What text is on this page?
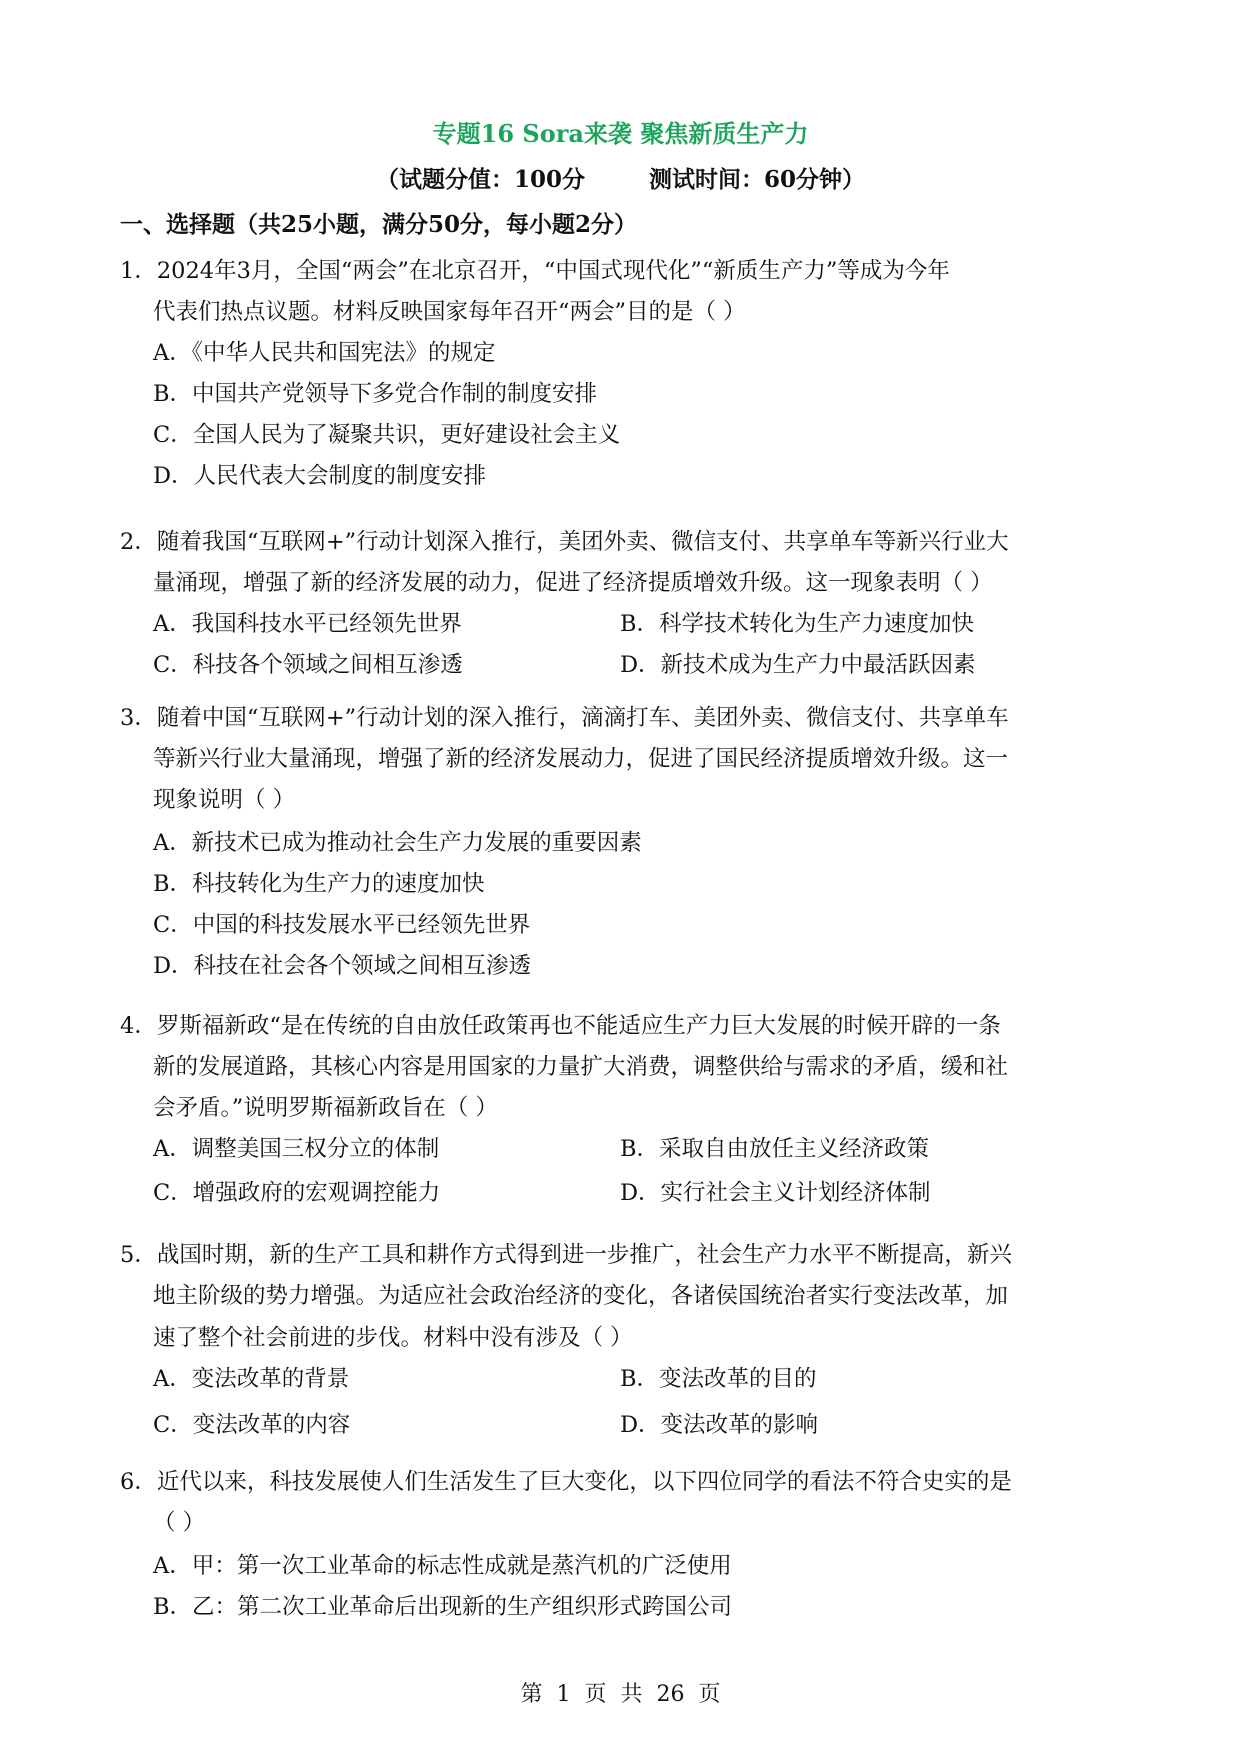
专题16 Sora来袭 聚焦新质生产力
（试题分值：100分        测试时间：60分钟）
一、选择题（共25小题，满分50分，每小题2分）
1．2024年3月，全国“两会”在北京召开，“中国式现代化”“新质生产力”等成为今年
代表们热点议题。材料反映国家每年召开“两会”目的是（ ）
A．《中华人民共和国宪法》的规定
B．中国共产党领导下多党合作制的制度安排
C．全国人民为了凝聚共识，更好建设社会主义
D．人民代表大会制度的制度安排
2．随着我国“互联网+”行动计划深入推行，美团外卖、微信支付、共享单车等新兴行业大
量涌现，增强了新的经济发展的动力，促进了经济提质增效升级。这一现象表明（ ）
A．我国科技水平已经领先世界	B．科学技术转化为生产力速度加快
C．科技各个领域之间相互渗透	D．新技术成为生产力中最活跃因素
3．随着中国“互联网+”行动计划的深入推行，滴滴打车、美团外卖、微信支付、共享单车
等新兴行业大量涌现，增强了新的经济发展动力，促进了国民经济提质增效升级。这一
现象说明（ ）
A．新技术已成为推动社会生产力发展的重要因素
B．科技转化为生产力的速度加快
C．中国的科技发展水平已经领先世界
D．科技在社会各个领域之间相互渗透
4．罗斯福新政“是在传统的自由放任政策再也不能适应生产力巨大发展的时候开辟的一条
新的发展道路，其核心内容是用国家的力量扩大消费，调整供给与需求的矛盾，缓和社
会矛盾。”说明罗斯福新政旨在（ ）
A．调整美国三权分立的体制	B．采取自由放任主义经济政策
C．增强政府的宏观调控能力	D．实行社会主义计划经济体制
5．战国时期，新的生产工具和耕作方式得到进一步推广，社会生产力水平不断提高，新兴
地主阶级的势力增强。为适应社会政治经济的变化，各诸侯国统治者实行变法改革，加
速了整个社会前进的步伐。材料中没有涉及（ ）
A．变法改革的背景	B．变法改革的目的
C．变法改革的内容	D．变法改革的影响
6．近代以来，科技发展使人们生活发生了巨大变化，以下四位同学的看法不符合史实的是
（ ）
A．甲：第一次工业革命的标志性成就是蒸汽机的广泛使用
B．乙：第二次工业革命后出现新的生产组织形式跨国公司
第  1  页  共  26  页
